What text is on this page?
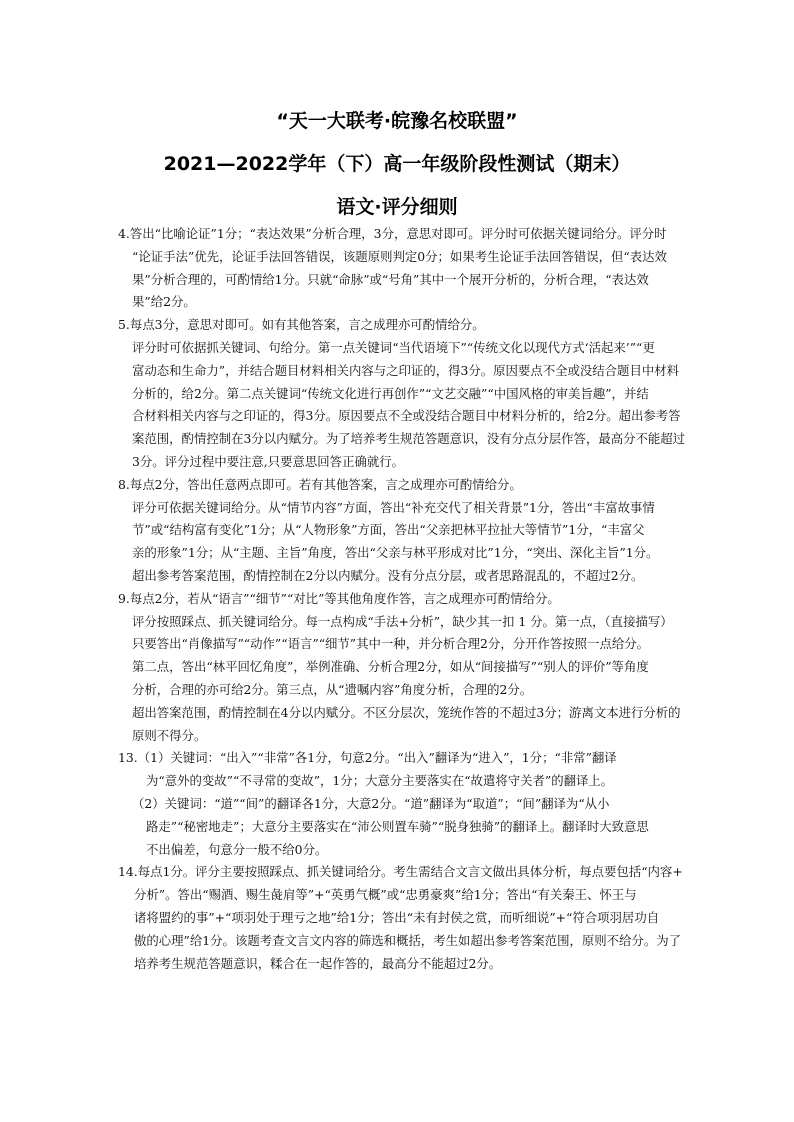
“天一大联考·皖豫名校联盟”
2021—2022学年（下）高一年级阶段性测试（期末）
语文·评分细则
4.答出“比喻论证”1分；“表达效果”分析合理，3分，意思对即可。评分时可依据关键词给分。评分时
“论证手法”优先，论证手法回答错误，该题原则判定0分；如果考生论证手法回答错误，但“表达效
果”分析合理的，可酌情给1分。只就“命脉”或“号角”其中一个展开分析的，分析合理，“表达效
果”给2分。
5.每点3分，意思对即可。如有其他答案，言之成理亦可酌情给分。
评分时可依据抓关键词、句给分。第一点关键词“当代语境下”“传统文化以现代方式‘活起来’”“更
富动态和生命力”，并结合题目材料相关内容与之印证的，得3分。原因要点不全或没结合题目中材料
分析的，给2分。第二点关键词“传统文化进行再创作”“文艺交融”“中国风格的审美旨趣”，并结
合材料相关内容与之印证的，得3分。原因要点不全或没结合题目中材料分析的，给2分。超出参考答
案范围，酌情控制在3分以内赋分。为了培养考生规范答题意识，没有分点分层作答，最高分不能超过
3分。评分过程中要注意,只要意思回答正确就行。
8.每点2分，答出任意两点即可。若有其他答案，言之成理亦可酌情给分。
评分可依据关键词给分。从“情节内容”方面，答出“补充交代了相关背景”1分，答出“丰富故事情
节”或“结构富有变化”1分；从“人物形象”方面，答出“父亲把林平拉扯大等情节”1分，“丰富父
亲的形象”1分；从“主题、主旨”角度，答出“父亲与林平形成对比”1分，“突出、深化主旨”1分。
超出参考答案范围，酌情控制在2分以内赋分。没有分点分层，或者思路混乱的，不超过2分。
9.每点2分，若从“语言”“细节”“对比”等其他角度作答，言之成理亦可酌情给分。
评分按照踩点、抓关键词给分。每一点构成“手法+分析”，缺少其一扣 1 分。第一点，（直接描写）
只要答出“肖像描写”“动作”“语言”“细节”其中一种，并分析合理2分，分开作答按照一点给分。
第二点，答出“林平回忆角度”，举例准确、分析合理2分，如从“间接描写”“别人的评价”等角度
分析，合理的亦可给2分。第三点，从“遗嘱内容”角度分析，合理的2分。
超出答案范围，酌情控制在4分以内赋分。不区分层次，笼统作答的不超过3分；游离文本进行分析的
原则不得分。
13.（1）关键词：“出入”“非常”各1分，句意2分。“出入”翻译为“进入”，1分；“非常”翻译
为“意外的变故”“不寻常的变故”，1分；大意分主要落实在“故遣将守关者”的翻译上。
（2）关键词：“道”“间”的翻译各1分，大意2分。“道”翻译为“取道”；“间”翻译为“从小
路走”“秘密地走”；大意分主要落实在“沛公则置车骑”“脱身独骑”的翻译上。翻译时大致意思
不出偏差，句意分一般不给0分。
14.每点1分。评分主要按照踩点、抓关键词给分。考生需结合文言文做出具体分析，每点要包括“内容+
分析”。答出“赐酒、赐生彘肩等”+“英勇气概”或“忠勇豪爽”给1分；答出“有关秦王、怀王与
诸将盟约的事”+“项羽处于理亏之地”给1分；答出“未有封侯之赏，而听细说”+“符合项羽居功自
傲的心理”给1分。该题考查文言文内容的筛选和概括，考生如超出参考答案范围，原则不给分。为了
培养考生规范答题意识，糅合在一起作答的，最高分不能超过2分。
